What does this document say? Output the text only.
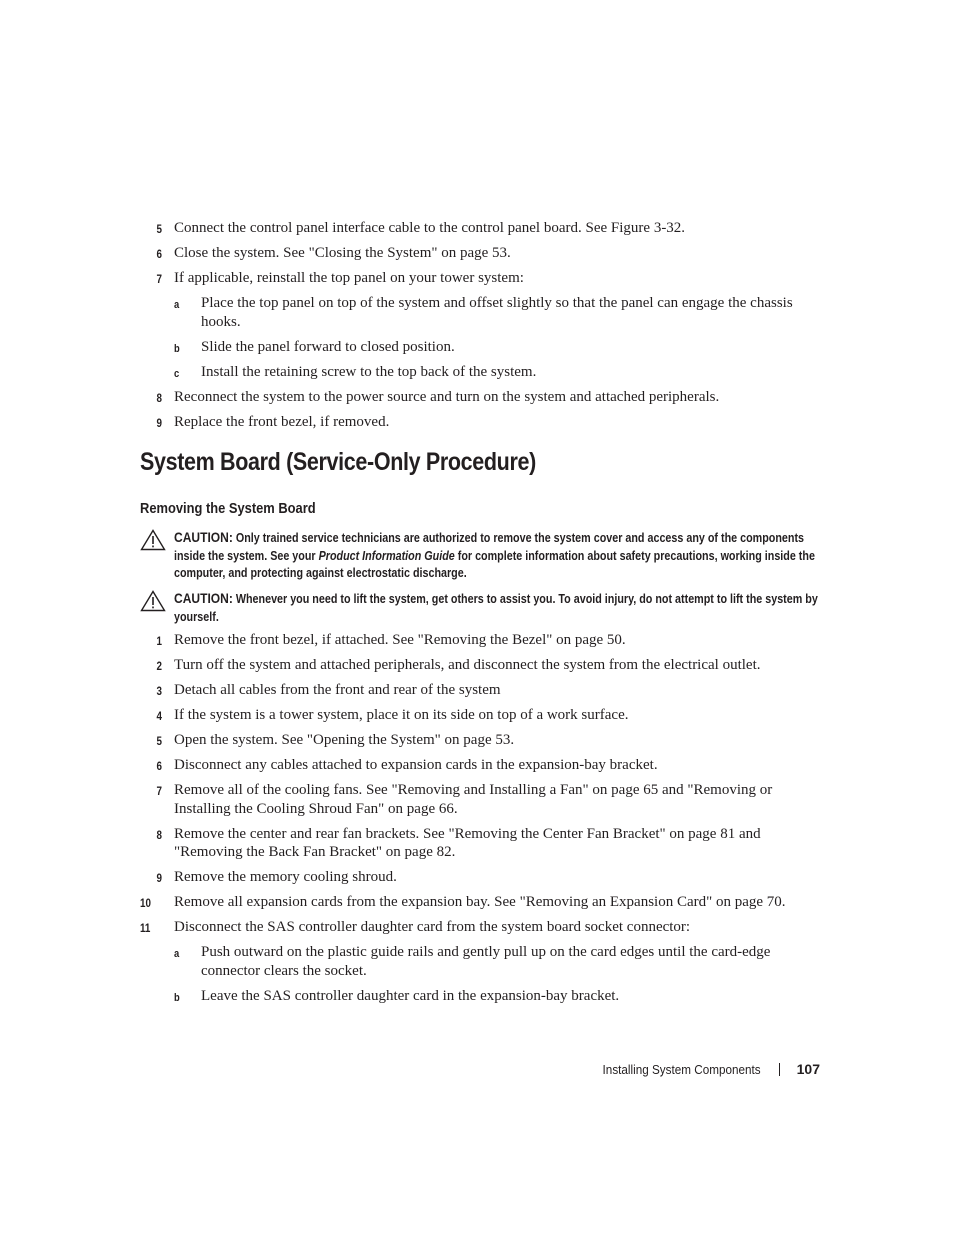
5 Connect the control panel interface cable to the control panel board. See Figure 3-32.
6 Close the system. See "Closing the System" on page 53.
7 If applicable, reinstall the top panel on your tower system:
a Place the top panel on top of the system and offset slightly so that the panel can engage the chassis hooks.
b Slide the panel forward to closed position.
c Install the retaining screw to the top back of the system.
8 Reconnect the system to the power source and turn on the system and attached peripherals.
9 Replace the front bezel, if removed.
System Board (Service-Only Procedure)
Removing the System Board
CAUTION: Only trained service technicians are authorized to remove the system cover and access any of the components inside the system. See your Product Information Guide for complete information about safety precautions, working inside the computer, and protecting against electrostatic discharge.
CAUTION: Whenever you need to lift the system, get others to assist you. To avoid injury, do not attempt to lift the system by yourself.
1 Remove the front bezel, if attached. See "Removing the Bezel" on page 50.
2 Turn off the system and attached peripherals, and disconnect the system from the electrical outlet.
3 Detach all cables from the front and rear of the system
4 If the system is a tower system, place it on its side on top of a work surface.
5 Open the system. See "Opening the System" on page 53.
6 Disconnect any cables attached to expansion cards in the expansion-bay bracket.
7 Remove all of the cooling fans. See "Removing and Installing a Fan" on page 65 and "Removing or Installing the Cooling Shroud Fan" on page 66.
8 Remove the center and rear fan brackets. See "Removing the Center Fan Bracket" on page 81 and "Removing the Back Fan Bracket" on page 82.
9 Remove the memory cooling shroud.
10	Remove all expansion cards from the expansion bay. See "Removing an Expansion Card" on page 70.
11	Disconnect the SAS controller daughter card from the system board socket connector:
a Push outward on the plastic guide rails and gently pull up on the card edges until the card-edge connector clears the socket.
b Leave the SAS controller daughter card in the expansion-bay bracket.
Installing System Components	107
